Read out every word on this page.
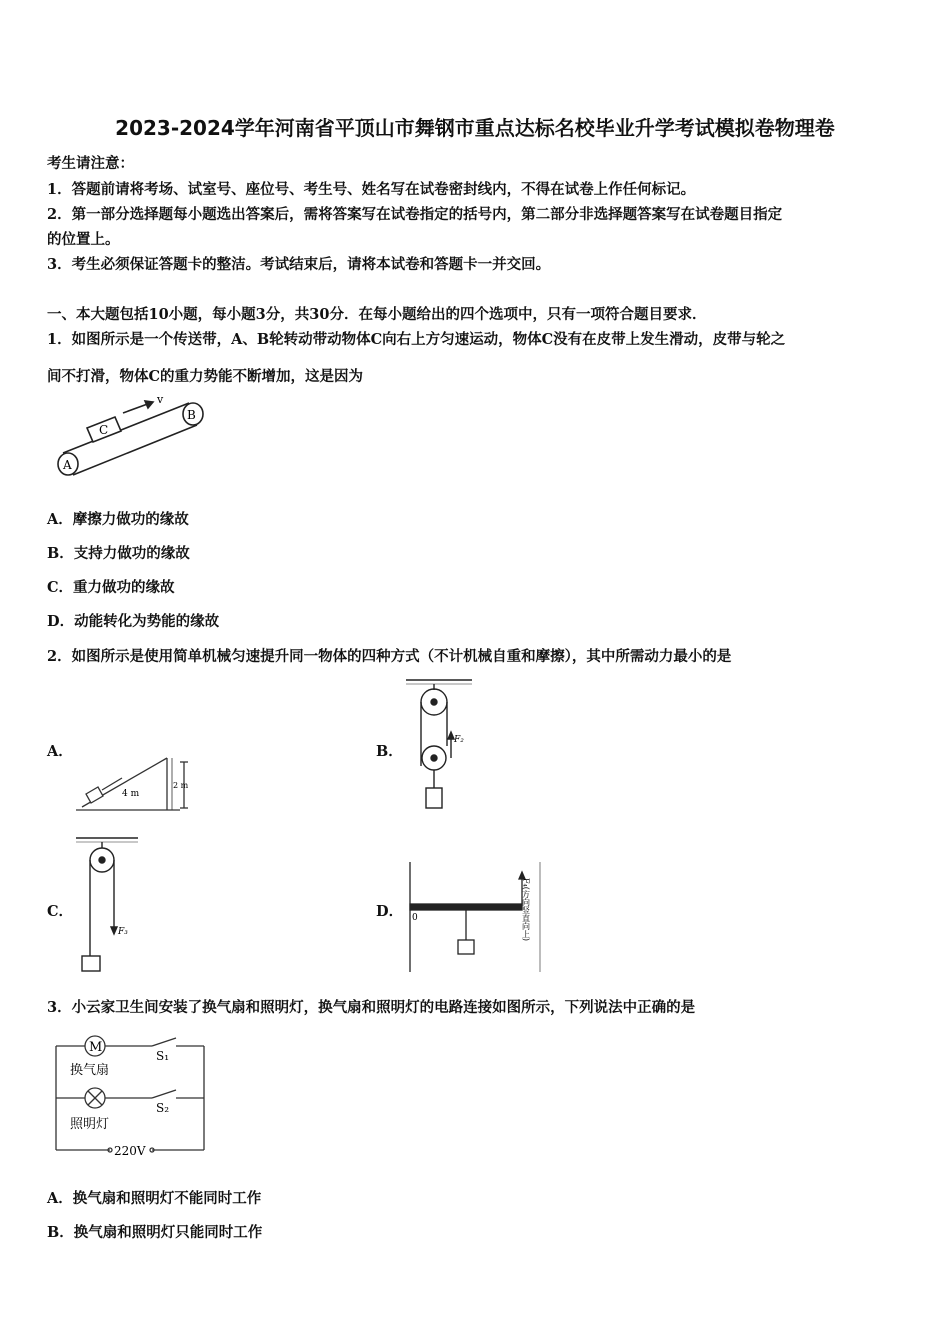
2023-2024学年河南省平顶山市舞钢市重点达标名校毕业升学考试模拟卷物理卷
考生请注意：
1．答题前请将考场、试室号、座位号、考生号、姓名写在试卷密封线内，不得在试卷上作任何标记。
2．第一部分选择题每小题选出答案后，需将答案写在试卷指定的括号内，第二部分非选择题答案写在试卷题目指定
的位置上。
3．考生必须保证答题卡的整洁。考试结束后，请将本试卷和答题卡一并交回。
一、本大题包括10小题，每小题3分，共30分．在每小题给出的四个选项中，只有一项符合题目要求．
1．如图所示是一个传送带，A、B轮转动带动物体C向右上方匀速运动，物体C没有在皮带上发生滑动，皮带与轮之
间不打滑，物体C的重力势能不断增加，这是因为
A
B
C
v
A．摩擦力做功的缘故
B．支持力做功的缘故
C．重力做功的缘故
D．动能转化为势能的缘故
2．如图所示是使用简单机械匀速提升同一物体的四种方式（不计机械自重和摩擦），其中所需动力最小的是
A．	B．
C．	D．
4 m
2 m
F₂
F₃
0	F₄(方向竖直向上)
3．小云家卫生间安装了换气扇和照明灯，换气扇和照明灯的电路连接如图所示，下列说法中正确的是
M
换气扇
照明灯
S₁
S₂
220V
A．换气扇和照明灯不能同时工作
B．换气扇和照明灯只能同时工作
